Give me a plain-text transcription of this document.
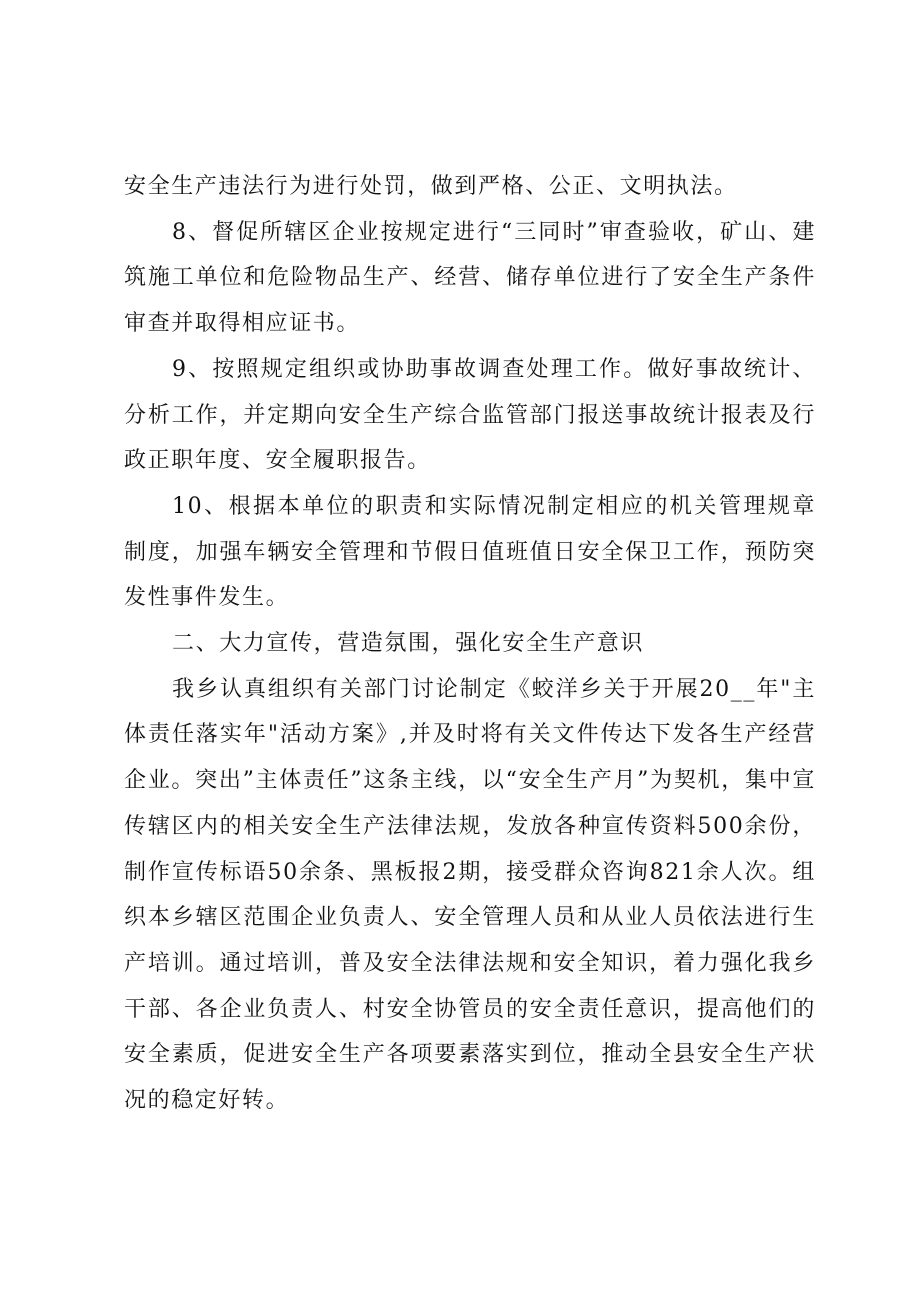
安全生产违法行为进行处罚，做到严格、公正、文明执法。

8、督促所辖区企业按规定进行“三同时”审查验收，矿山、建筑施工单位和危险物品生产、经营、储存单位进行了安全生产条件审查并取得相应证书。

9、按照规定组织或协助事故调查处理工作。做好事故统计、分析工作，并定期向安全生产综合监管部门报送事故统计报表及行政正职年度、安全履职报告。

10、根据本单位的职责和实际情况制定相应的机关管理规章制度，加强车辆安全管理和节假日值班值日安全保卫工作，预防突发性事件发生。

二、大力宣传，营造氛围，强化安全生产意识

我乡认真组织有关部门讨论制定《蛟洋乡关于开展20__年"主体责任落实年"活动方案》,并及时将有关文件传达下发各生产经营企业。突出”主体责任”这条主线，以“安全生产月”为契机，集中宣传辖区内的相关安全生产法律法规，发放各种宣传资料500余份，制作宣传标语50余条、黑板报2期，接受群众咨询821余人次。组织本乡辖区范围企业负责人、安全管理人员和从业人员依法进行生产培训。通过培训，普及安全法律法规和安全知识，着力强化我乡干部、各企业负责人、村安全协管员的安全责任意识，提高他们的安全素质，促进安全生产各项要素落实到位，推动全县安全生产状况的稳定好转。
